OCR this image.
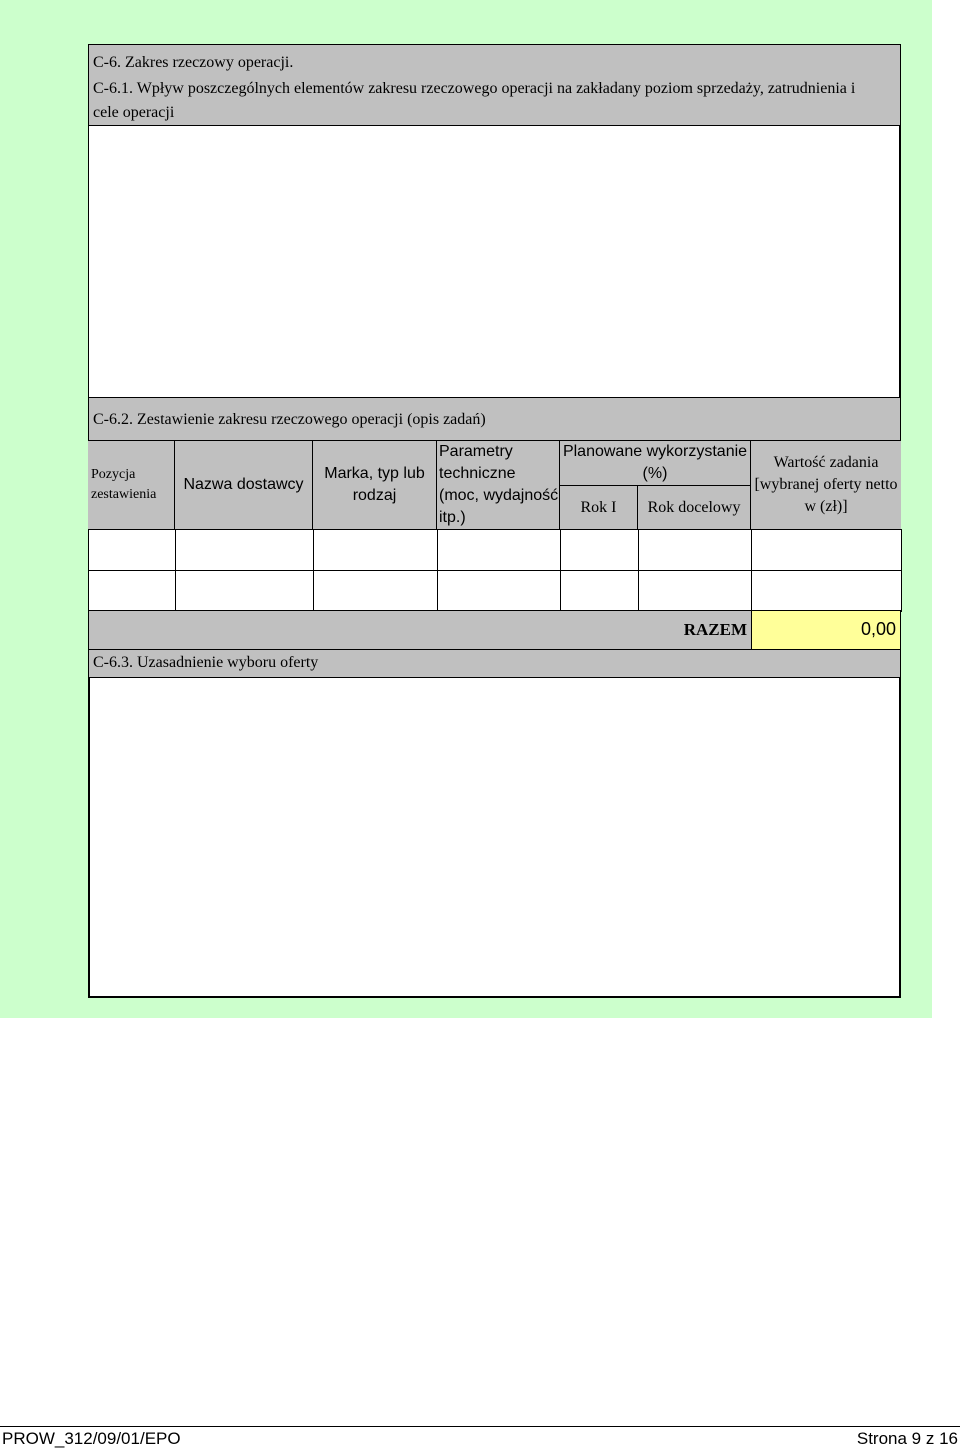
C-6. Zakres rzeczowy operacji.
C-6.1. Wpływ poszczególnych elementów zakresu rzeczowego operacji na zakładany poziom sprzedaży, zatrudnienia i cele operacji
C-6.2. Zestawienie zakresu rzeczowego operacji (opis zadań)
Pozycja zestawienia
Nazwa dostawcy
Marka, typ lub rodzaj
Parametry techniczne (moc, wydajność itp.)
Planowane wykorzystanie (%)
Rok I Rok docelowy
Wartość zadania [wybranej oferty netto w (zł)]
RAZEM	0,00
C-6.3. Uzasadnienie wyboru oferty
PROW_312/09/01/EPO	Strona 9 z 16
